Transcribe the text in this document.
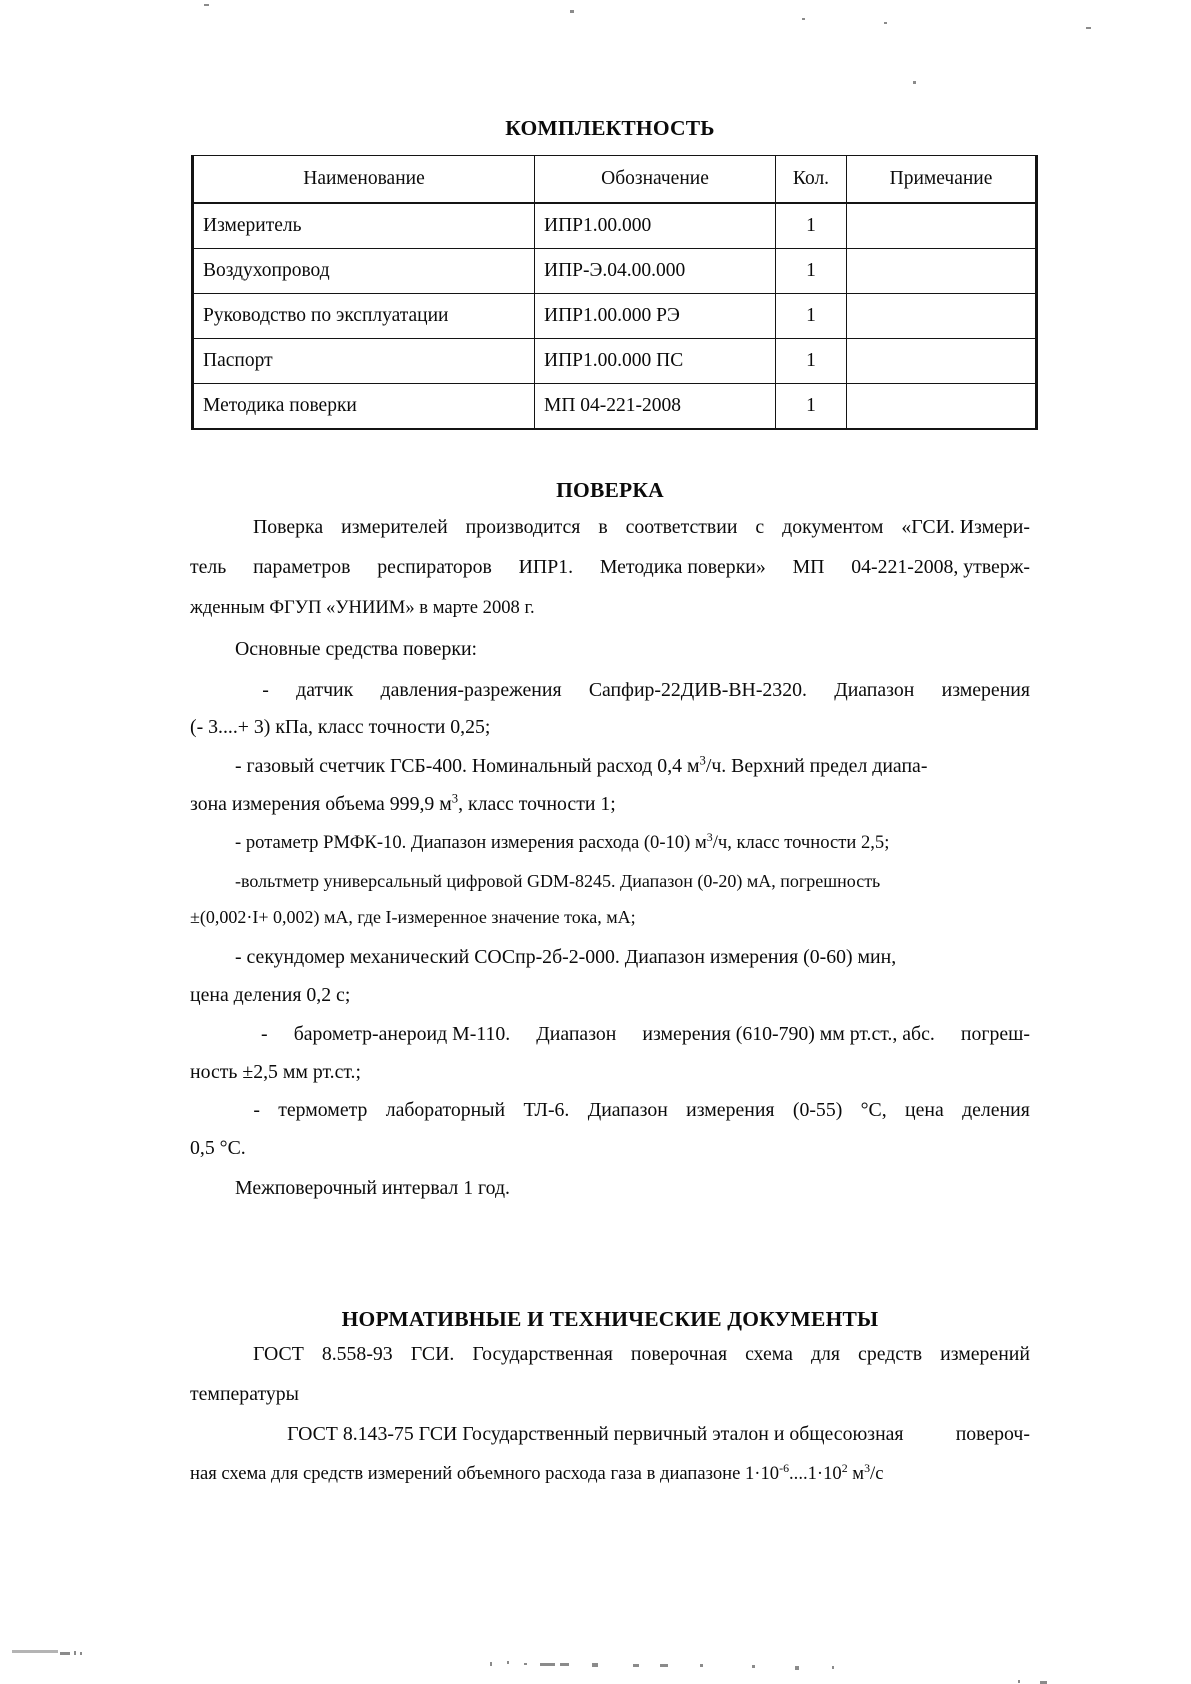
КОМПЛЕКТНОСТЬ
Наименование	Обозначение	Кол.	Примечание
Измеритель	ИПР1.00.000	1	
Воздухопровод	ИПР-Э.04.00.000	1	
Руководство по эксплуатации	ИПР1.00.000 РЭ	1	
Паспорт	ИПР1.00.000 ПС	1	
Методика поверки	МП 04-221-2008	1	
ПОВЕРКА
Поверка измерителей производится в соответствии с документом «ГСИ. Измери-
тель параметров респираторов ИПР1. Методика поверки» МП 04-221-2008, утверж-
жденным ФГУП «УНИИМ» в марте 2008 г.
Основные средства поверки:
- датчик давления-разрежения Сапфир-22ДИВ-ВН-2320. Диапазон измерения
(- 3....+ 3) кПа, класс точности 0,25;
- газовый счетчик ГСБ-400. Номинальный расход 0,4 $м^3/ч$. Верхний предел диапа-
зона измерения объема 999,9 $м^3$, класс точности 1;
- ротаметр РМФК-10. Диапазон измерения расхода (0-10) $м^3/ч$, класс точности 2,5;
-вольтметр универсальный цифровой GDM-8245. Диапазон (0-20) мА, погрешность
±(0,002·I+ 0,002) мА, где I-измеренное значение тока, мА;
- секундомер механический СОСпр-2б-2-000. Диапазон измерения (0-60) мин,
цена деления 0,2 с;
- барометр-анероид М-110. Диапазон измерения (610-790) мм рт.ст., абс. погреш-
ность ±2,5 мм рт.ст.;
- термометр лабораторный ТЛ-6. Диапазон измерения (0-55) °С, цена деления
0,5 °С.
Межповерочный интервал 1 год.
НОРМАТИВНЫЕ И ТЕХНИЧЕСКИЕ ДОКУМЕНТЫ
ГОСТ 8.558-93 ГСИ. Государственная поверочная схема для средств измерений
температуры
ГОСТ 8.143-75 ГСИ Государственный первичный эталон и общесоюзная	повероч-
ная схема для средств измерений объемного расхода газа в диапазоне $1\cdot 10^{-6}....1\cdot 10^2$ $м^3/с$
